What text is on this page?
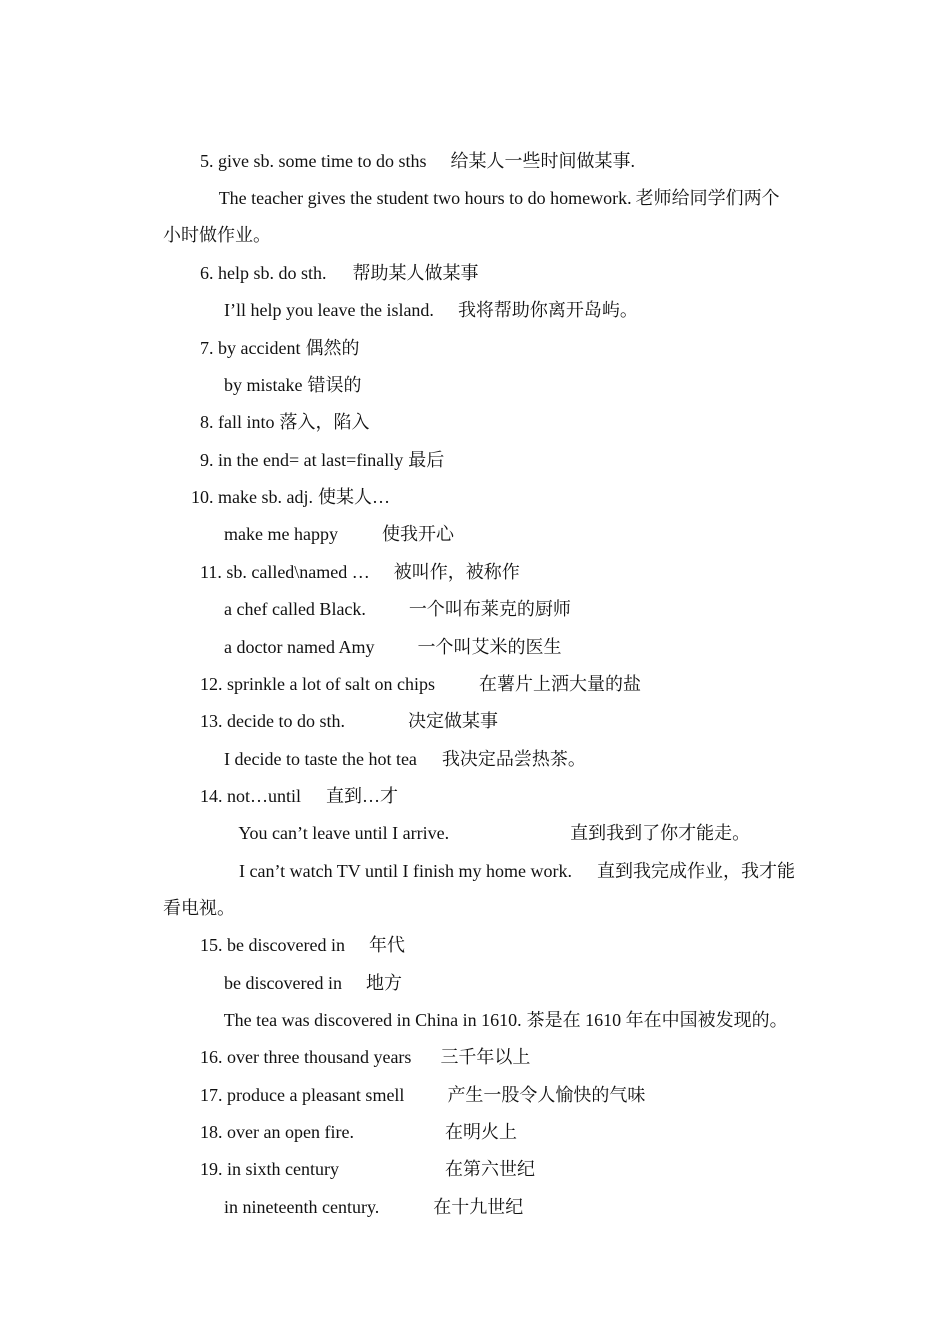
5. give sb. some time to do sths 给某人一些时间做某事.

The teacher gives the student two hours to do homework. 老师给同学们两个

小时做作业。

6. help sb. do sth. 帮助某人做某事

I’ll help you leave the island. 我将帮助你离开岛屿。

7. by accident 偶然的

by mistake 错误的

8. fall into 落入，陷入

9. in the end= at last=finally 最后

10. make sb. adj. 使某人…

make me happy 使我开心

11. sb. called\named … 被叫作，被称作

a chef called Black. 一个叫布莱克的厨师

a doctor named Amy 一个叫艾米的医生

12. sprinkle a lot of salt on chips 在薯片上洒大量的盐

13. decide to do sth.	决定做某事

I decide to taste the hot tea 我决定品尝热茶。

14. not…until 直到…才

You can’t leave until I arrive.	直到我到了你才能走。

I can’t watch TV until I finish my home work. 直到我完成作业，我才能

看电视。

15. be discovered in 年代

be discovered in 地方

The tea was discovered in China in 1610. 茶是在 1610 年在中国被发现的。

16. over three thousand years 三千年以上

17. produce a pleasant smell 产生一股令人愉快的气味

18. over an open fire.	在明火上

19. in sixth century	在第六世纪

in nineteenth century.	在十九世纪
